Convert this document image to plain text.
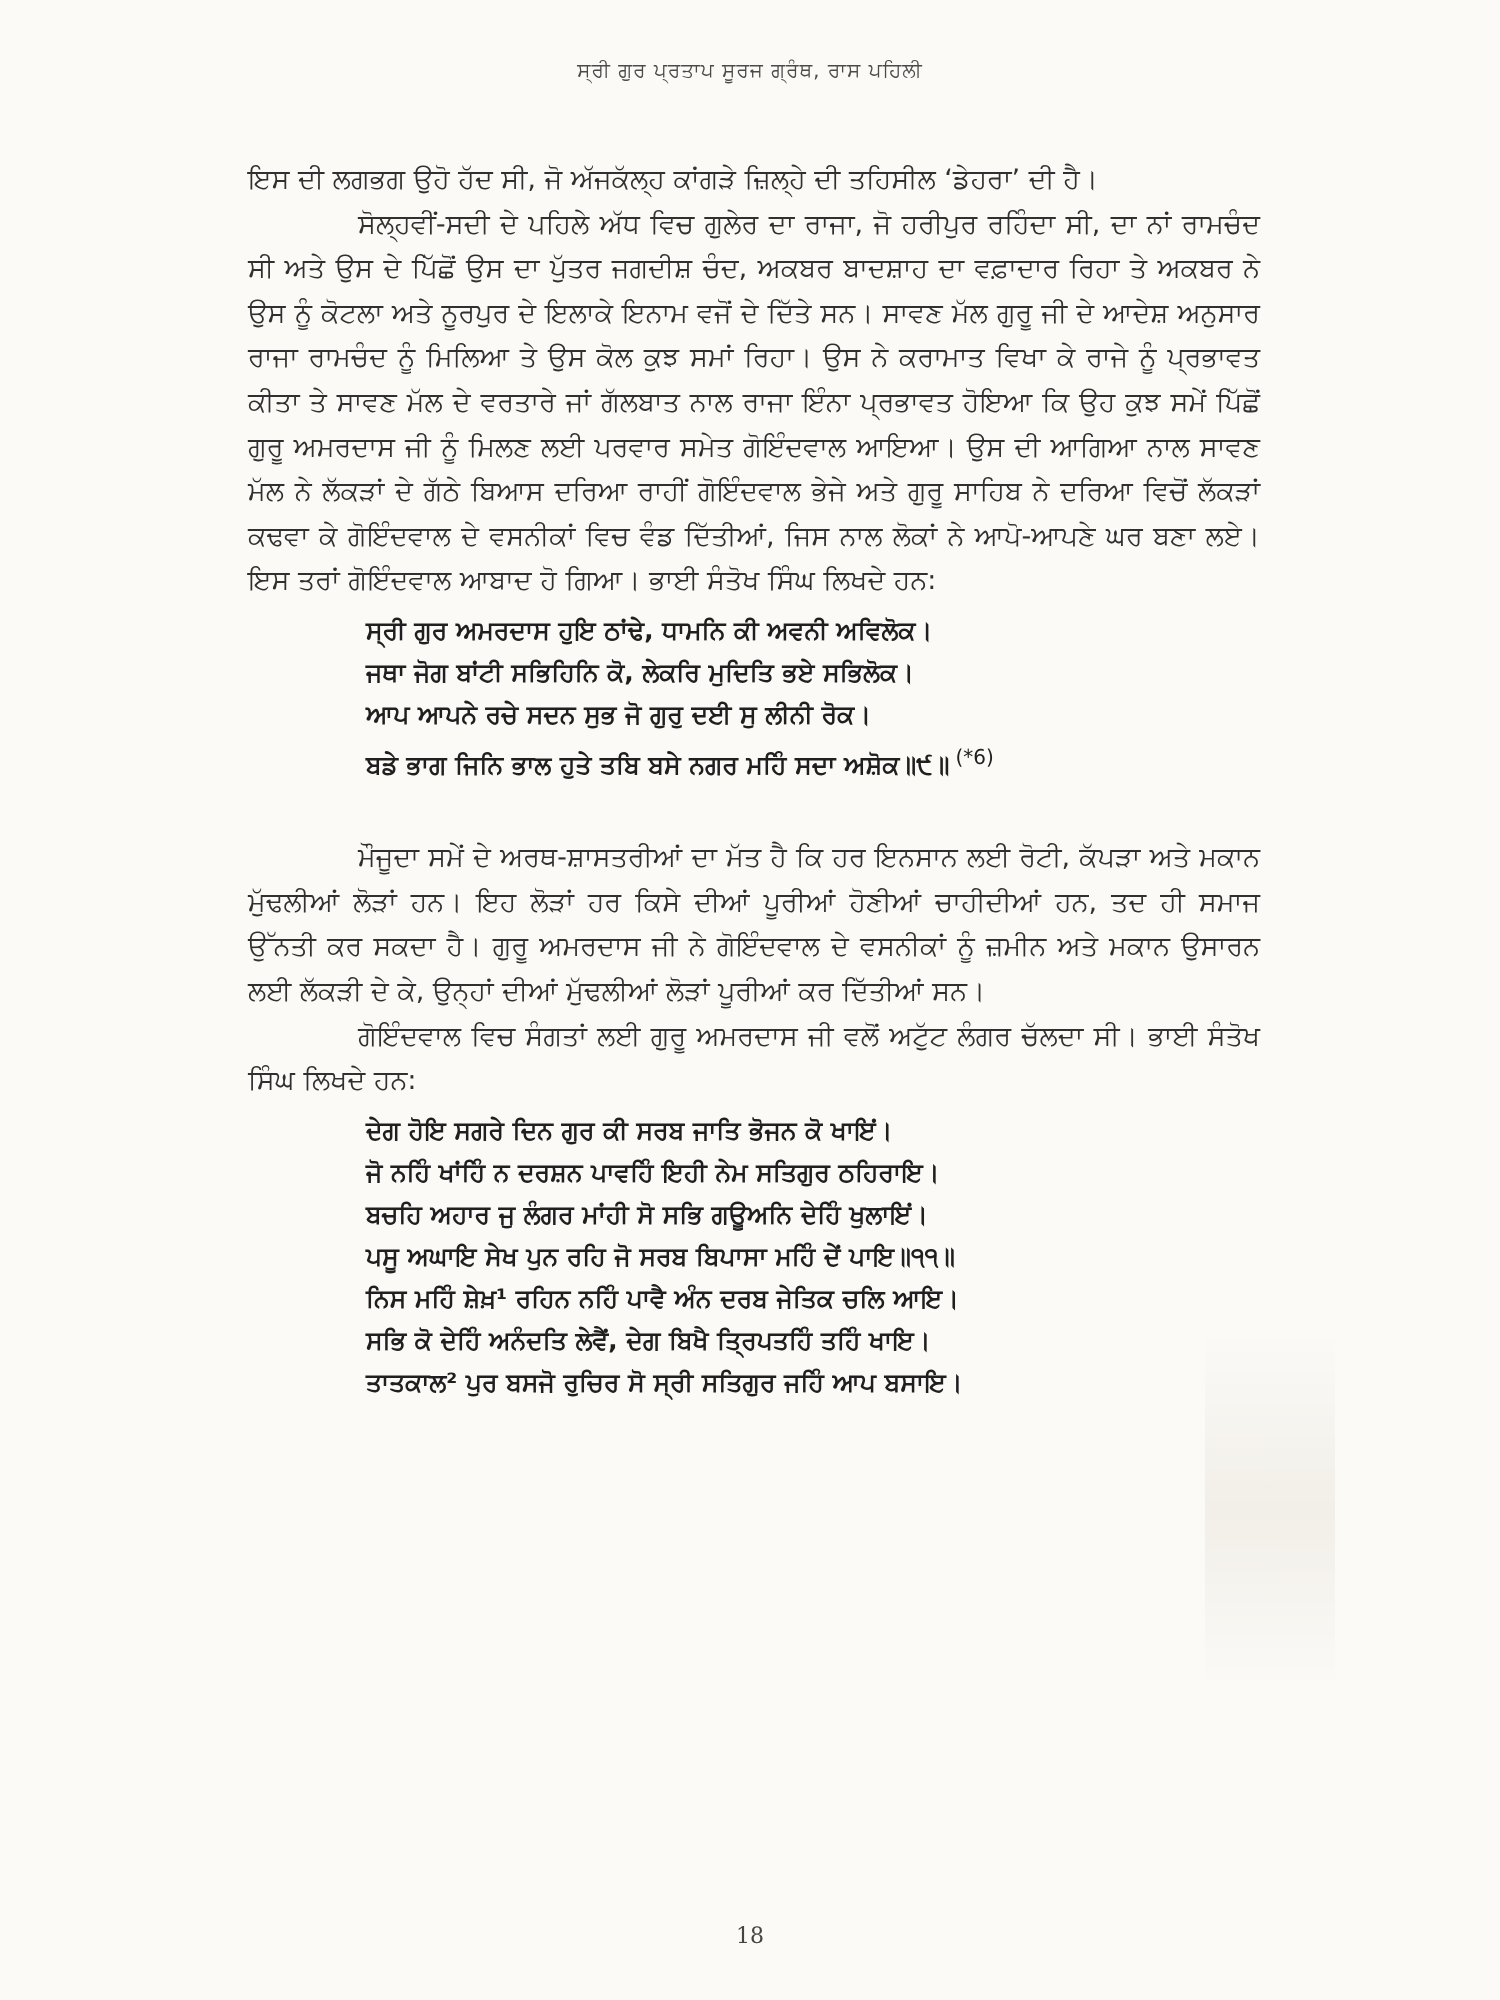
ਸ੍ਰੀ ਗੁਰ ਪ੍ਰਤਾਪ ਸੂਰਜ ਗ੍ਰੰਥ, ਰਾਸ ਪਹਿਲੀ

ਇਸ ਦੀ ਲਗਭਗ ਉਹੋ ਹੱਦ ਸੀ, ਜੋ ਅੱਜਕੱਲ੍ਹ ਕਾਂਗੜੇ ਜ਼ਿਲ੍ਹੇ ਦੀ ਤਹਿਸੀਲ ‘ਡੇਹਰਾ’ ਦੀ ਹੈ।

ਸੋਲ੍ਹਵੀਂ-ਸਦੀ ਦੇ ਪਹਿਲੇ ਅੱਧ ਵਿਚ ਗੁਲੇਰ ਦਾ ਰਾਜਾ, ਜੋ ਹਰੀਪੁਰ ਰਹਿੰਦਾ ਸੀ, ਦਾ ਨਾਂ ਰਾਮਚੰਦ ਸੀ ਅਤੇ ਉਸ ਦੇ ਪਿੱਛੋਂ ਉਸ ਦਾ ਪੁੱਤਰ ਜਗਦੀਸ਼ ਚੰਦ, ਅਕਬਰ ਬਾਦਸ਼ਾਹ ਦਾ ਵਫ਼ਾਦਾਰ ਰਿਹਾ ਤੇ ਅਕਬਰ ਨੇ ਉਸ ਨੂੰ ਕੋਟਲਾ ਅਤੇ ਨੂਰਪੁਰ ਦੇ ਇਲਾਕੇ ਇਨਾਮ ਵਜੋਂ ਦੇ ਦਿੱਤੇ ਸਨ। ਸਾਵਣ ਮੱਲ ਗੁਰੂ ਜੀ ਦੇ ਆਦੇਸ਼ ਅਨੁਸਾਰ ਰਾਜਾ ਰਾਮਚੰਦ ਨੂੰ ਮਿਲਿਆ ਤੇ ਉਸ ਕੋਲ ਕੁਝ ਸਮਾਂ ਰਿਹਾ। ਉਸ ਨੇ ਕਰਾਮਾਤ ਵਿਖਾ ਕੇ ਰਾਜੇ ਨੂੰ ਪ੍ਰਭਾਵਤ ਕੀਤਾ ਤੇ ਸਾਵਣ ਮੱਲ ਦੇ ਵਰਤਾਰੇ ਜਾਂ ਗੱਲਬਾਤ ਨਾਲ ਰਾਜਾ ਇੰਨਾ ਪ੍ਰਭਾਵਤ ਹੋਇਆ ਕਿ ਉਹ ਕੁਝ ਸਮੇਂ ਪਿੱਛੋਂ ਗੁਰੂ ਅਮਰਦਾਸ ਜੀ ਨੂੰ ਮਿਲਣ ਲਈ ਪਰਵਾਰ ਸਮੇਤ ਗੋਇੰਦਵਾਲ ਆਇਆ। ਉਸ ਦੀ ਆਗਿਆ ਨਾਲ ਸਾਵਣ ਮੱਲ ਨੇ ਲੱਕੜਾਂ ਦੇ ਗੱਠੇ ਬਿਆਸ ਦਰਿਆ ਰਾਹੀਂ ਗੋਇੰਦਵਾਲ ਭੇਜੇ ਅਤੇ ਗੁਰੂ ਸਾਹਿਬ ਨੇ ਦਰਿਆ ਵਿਚੋਂ ਲੱਕੜਾਂ ਕਢਵਾ ਕੇ ਗੋਇੰਦਵਾਲ ਦੇ ਵਸਨੀਕਾਂ ਵਿਚ ਵੰਡ ਦਿੱਤੀਆਂ, ਜਿਸ ਨਾਲ ਲੋਕਾਂ ਨੇ ਆਪੋ-ਆਪਣੇ ਘਰ ਬਣਾ ਲਏ। ਇਸ ਤਰਾਂ ਗੋਇੰਦਵਾਲ ਆਬਾਦ ਹੋ ਗਿਆ। ਭਾਈ ਸੰਤੋਖ ਸਿੰਘ ਲਿਖਦੇ ਹਨ:

ਸ੍ਰੀ ਗੁਰ ਅਮਰਦਾਸ ਹੁਇ ਠਾਂਢੇ, ਧਾਮਨਿ ਕੀ ਅਵਨੀ ਅਵਿਲੋਕ।
ਜਥਾ ਜੋਗ ਬਾਂਟੀ ਸਭਿਹਿਨਿ ਕੋ, ਲੇਕਰਿ ਮੁਦਿਤਿ ਭਏ ਸਭਿਲੋਕ।
ਆਪ ਆਪਨੇ ਰਚੇ ਸਦਨ ਸੁਭ ਜੋ ਗੁਰੁ ਦਈ ਸੁ ਲੀਨੀ ਰੋਕ।
ਬਡੇ ਭਾਗ ਜਿਨਿ ਭਾਲ ਹੁਤੇ ਤਬਿ ਬਸੇ ਨਗਰ ਮਹਿੰ ਸਦਾ ਅਸ਼ੋਕ॥੯॥ $^{(*6)}$

ਮੌਜੂਦਾ ਸਮੇਂ ਦੇ ਅਰਥ-ਸ਼ਾਸਤਰੀਆਂ ਦਾ ਮੱਤ ਹੈ ਕਿ ਹਰ ਇਨਸਾਨ ਲਈ ਰੋਟੀ, ਕੱਪੜਾ ਅਤੇ ਮਕਾਨ ਮੁੱਢਲੀਆਂ ਲੋੜਾਂ ਹਨ। ਇਹ ਲੋੜਾਂ ਹਰ ਕਿਸੇ ਦੀਆਂ ਪੂਰੀਆਂ ਹੋਣੀਆਂ ਚਾਹੀਦੀਆਂ ਹਨ, ਤਦ ਹੀ ਸਮਾਜ ਉੱਨਤੀ ਕਰ ਸਕਦਾ ਹੈ। ਗੁਰੂ ਅਮਰਦਾਸ ਜੀ ਨੇ ਗੋਇੰਦਵਾਲ ਦੇ ਵਸਨੀਕਾਂ ਨੂੰ ਜ਼ਮੀਨ ਅਤੇ ਮਕਾਨ ਉਸਾਰਨ ਲਈ ਲੱਕੜੀ ਦੇ ਕੇ, ਉਨ੍ਹਾਂ ਦੀਆਂ ਮੁੱਢਲੀਆਂ ਲੋੜਾਂ ਪੂਰੀਆਂ ਕਰ ਦਿੱਤੀਆਂ ਸਨ।

ਗੋਇੰਦਵਾਲ ਵਿਚ ਸੰਗਤਾਂ ਲਈ ਗੁਰੂ ਅਮਰਦਾਸ ਜੀ ਵਲੋਂ ਅਟੁੱਟ ਲੰਗਰ ਚੱਲਦਾ ਸੀ। ਭਾਈ ਸੰਤੋਖ ਸਿੰਘ ਲਿਖਦੇ ਹਨ:

ਦੇਗ ਹੋਇ ਸਗਰੇ ਦਿਨ ਗੁਰ ਕੀ ਸਰਬ ਜਾਤਿ ਭੋਜਨ ਕੋ ਖਾਇਂ।
ਜੋ ਨਹਿੰ ਖਾਂਹਿੰ ਨ ਦਰਸ਼ਨ ਪਾਵਹਿੰ ਇਹੀ ਨੇਮ ਸਤਿਗੁਰ ਠਹਿਰਾਇ।
ਬਚਹਿ ਅਹਾਰ ਜੁ ਲੰਗਰ ਮਾਂਹੀ ਸੋ ਸਭਿ ਗਊਅਨਿ ਦੇਹਿੰ ਖੁਲਾਇਂ।
ਪਸੂ ਅਘਾਇ ਸੇਖ ਪੁਨ ਰਹਿ ਜੋ ਸਰਬ ਬਿਪਾਸਾ ਮਹਿੰ ਦੇਂ ਪਾਇ॥੧੧॥
ਨਿਸ ਮਹਿੰ ਸ਼ੇਖ਼¹ ਰਹਿਨ ਨਹਿੰ ਪਾਵੈ ਅੰਨ ਦਰਬ ਜੇਤਿਕ ਚਲਿ ਆਇ।
ਸਭਿ ਕੋ ਦੇਹਿੰ ਅਨੰਦਤਿ ਲੇਵੈਂ, ਦੇਗ ਬਿਖੈ ਤ੍ਰਿਪਤਹਿੰ ਤਹਿੰ ਖਾਇ।
ਤਾਤਕਾਲ² ਪੁਰ ਬਸਜੋ ਰੁਚਿਰ ਸੋ ਸ੍ਰੀ ਸਤਿਗੁਰ ਜਹਿੰ ਆਪ ਬਸਾਇ।
18
